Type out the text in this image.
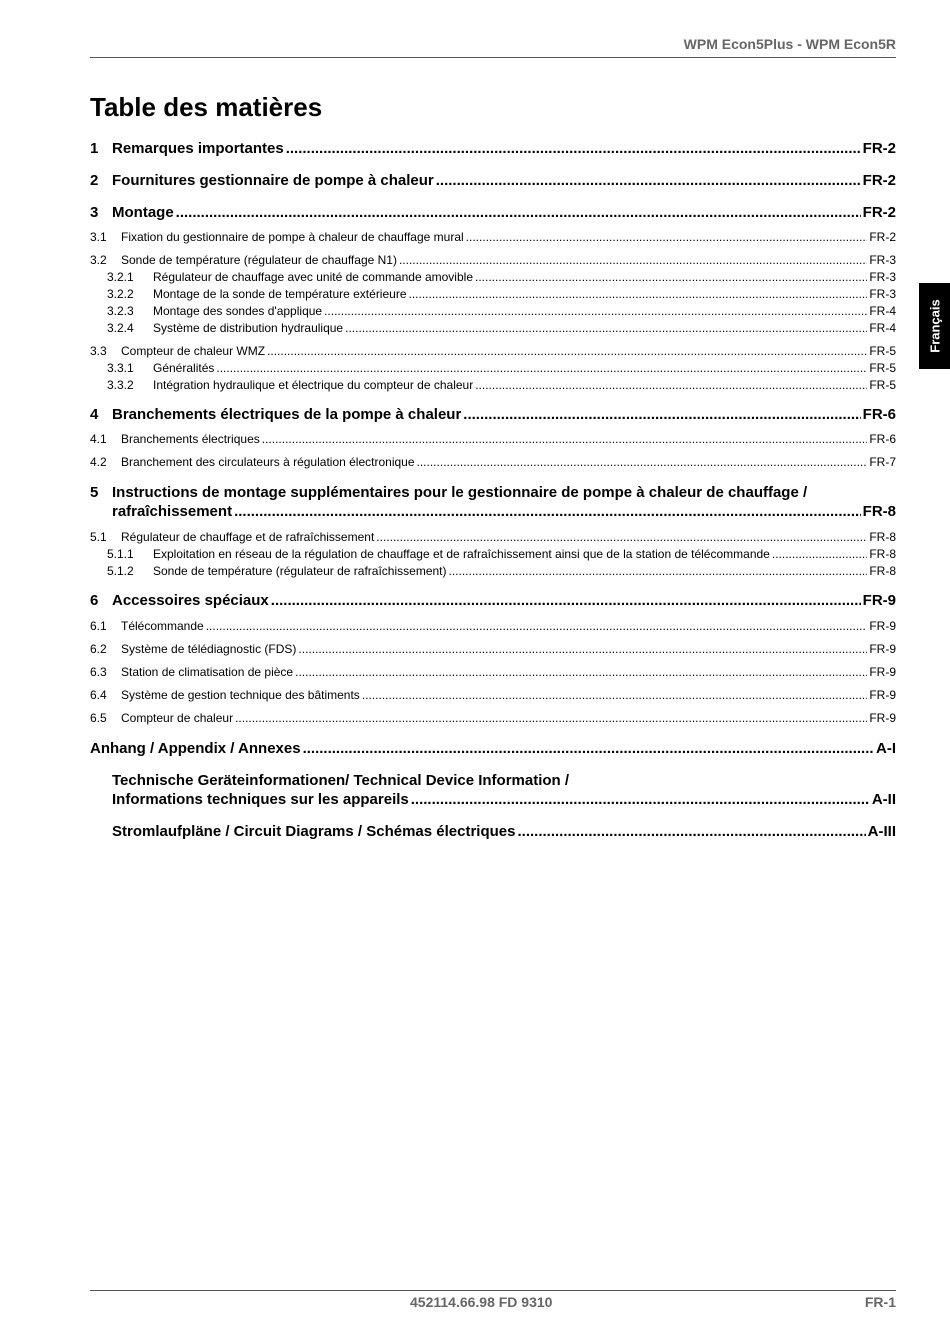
WPM Econ5Plus - WPM Econ5R
Français
Table des matières
1 Remarques importantes .....	FR-2
2 Fournitures gestionnaire de pompe à chaleur .....	FR-2
3 Montage .....	FR-2
3.1	Fixation du gestionnaire de pompe à chaleur de chauffage mural .....	FR-2
3.2	Sonde de température (régulateur de chauffage N1) .....	FR-3
3.2.1	Régulateur de chauffage avec unité de commande amovible .....	FR-3
3.2.2	Montage de la sonde de température extérieure .....	FR-3
3.2.3	Montage des sondes d'applique .....	FR-4
3.2.4	Système de distribution hydraulique .....	FR-4
3.3	Compteur de chaleur WMZ .....	FR-5
3.3.1	Généralités .....	FR-5
3.3.2	Intégration hydraulique et électrique du compteur de chaleur .....	FR-5
4 Branchements électriques de la pompe à chaleur .....	FR-6
4.1	Branchements électriques .....	FR-6
4.2	Branchement des circulateurs à régulation électronique .....	FR-7
5 Instructions de montage supplémentaires pour le gestionnaire de pompe à chaleur de chauffage /
rafraîchissement .....	FR-8
5.1	Régulateur de chauffage et de rafraîchissement .....	FR-8
5.1.1	Exploitation en réseau de la régulation de chauffage et de rafraîchissement ainsi que de la station de télécommande .....	FR-8
5.1.2	Sonde de température (régulateur de rafraîchissement) .....	FR-8
6 Accessoires spéciaux .....	FR-9
6.1	Télécommande .....	FR-9
6.2	Système de télédiagnostic (FDS) .....	FR-9
6.3	Station de climatisation de pièce .....	FR-9
6.4	Système de gestion technique des bâtiments .....	FR-9
6.5	Compteur de chaleur .....	FR-9
Anhang / Appendix / Annexes .....	A-I
Technische Geräteinformationen/ Technical Device Information /
Informations techniques sur les appareils .....	A-II
Stromlaufpläne / Circuit Diagrams / Schémas électriques .....	A-III
452114.66.98 FD 9310	FR-1
